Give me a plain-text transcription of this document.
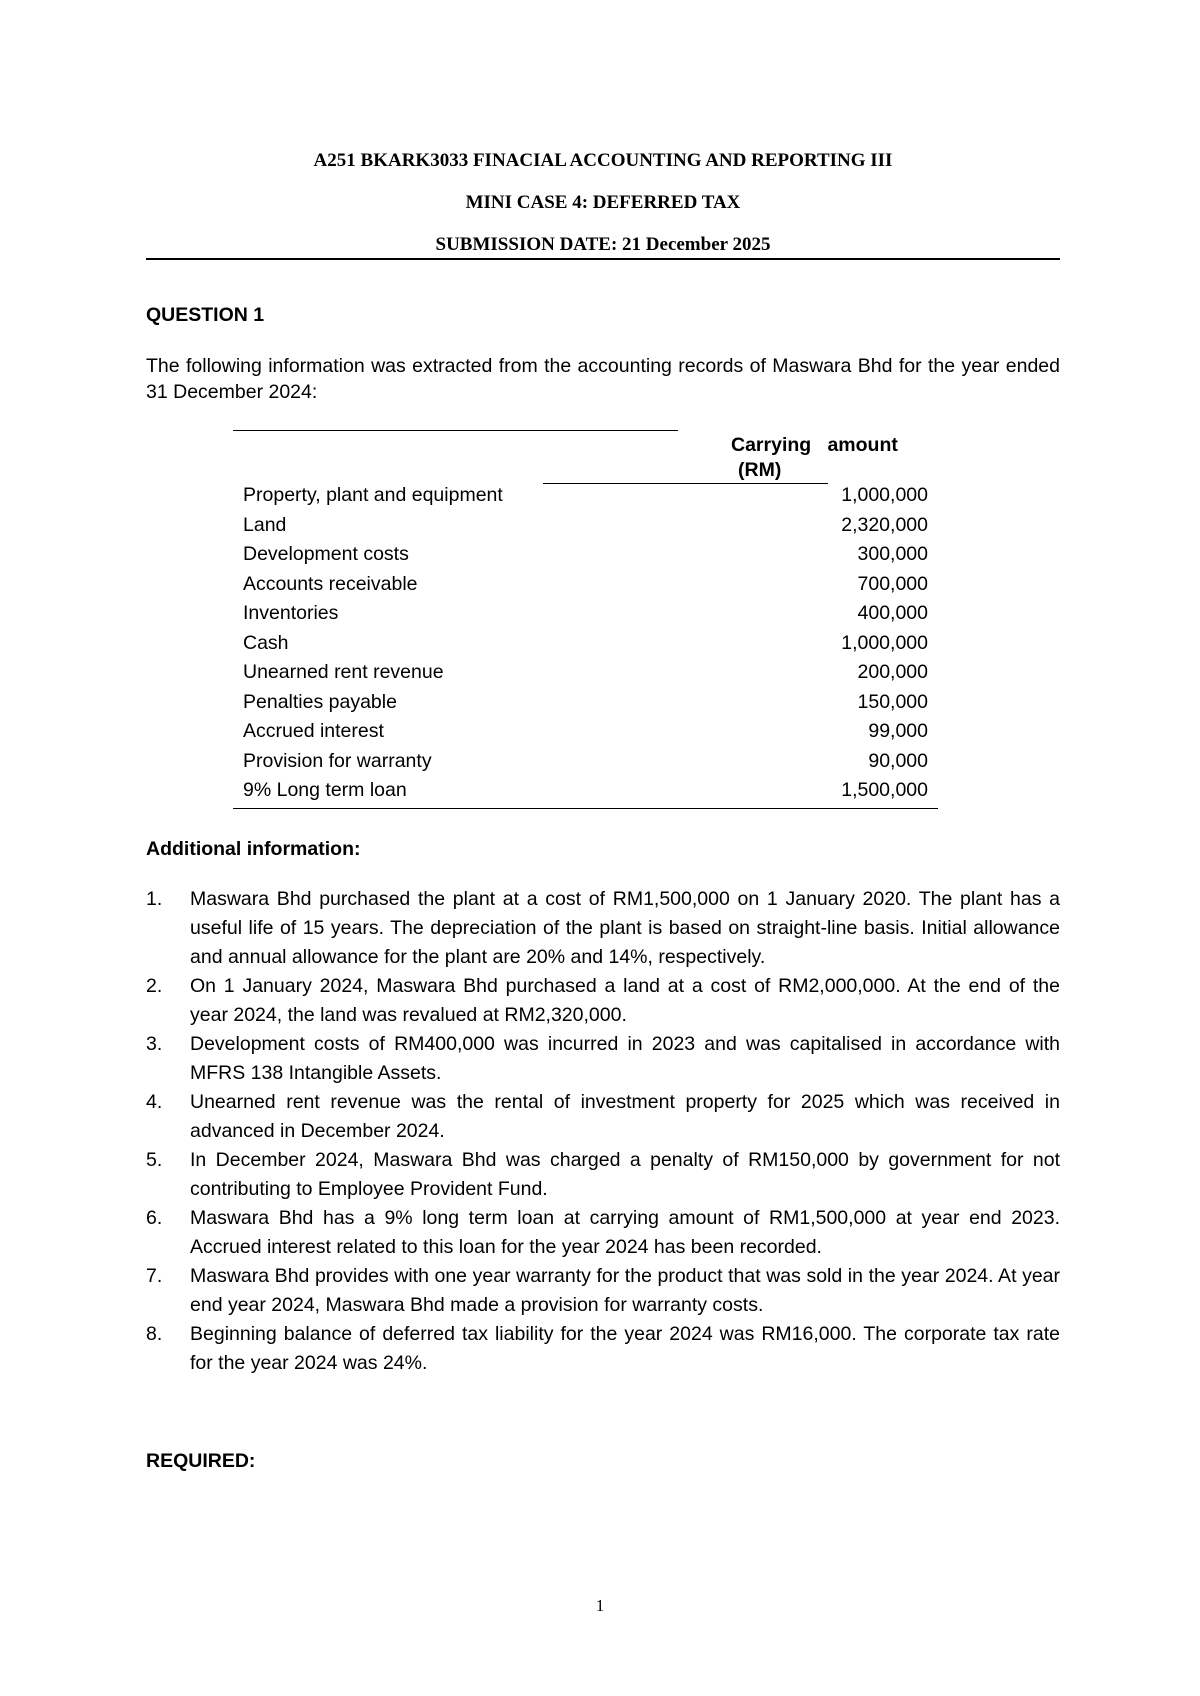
A251 BKARK3033 FINACIAL ACCOUNTING AND REPORTING III
MINI CASE 4: DEFERRED TAX
SUBMISSION DATE: 21 December 2025
QUESTION 1
The following information was extracted from the accounting records of Maswara Bhd for the year ended 31 December 2024:
Carrying   amount
(RM)
Property, plant and equipment	1,000,000
Land	2,320,000
Development costs	300,000
Accounts receivable	700,000
Inventories	400,000
Cash	1,000,000
Unearned rent revenue	200,000
Penalties payable	150,000
Accrued interest	99,000
Provision for warranty	90,000
9% Long term loan	1,500,000
Additional information:
1.	Maswara Bhd purchased the plant at a cost of RM1,500,000 on 1 January 2020. The plant has a useful life of 15 years. The depreciation of the plant is based on straight-line basis. Initial allowance and annual allowance for the plant are 20% and 14%, respectively.
2.	On 1 January 2024, Maswara Bhd purchased a land at a cost of RM2,000,000. At the end of the year 2024, the land was revalued at RM2,320,000.
3.	Development costs of RM400,000 was incurred in 2023 and was capitalised in accordance with MFRS 138 Intangible Assets.
4.	Unearned rent revenue was the rental of investment property for 2025 which was received in advanced in December 2024.
5.	In December 2024, Maswara Bhd was charged a penalty of RM150,000 by government for not contributing to Employee Provident Fund.
6.	Maswara Bhd has a 9% long term loan at carrying amount of RM1,500,000 at year end 2023. Accrued interest related to this loan for the year 2024 has been recorded.
7.	Maswara Bhd provides with one year warranty for the product that was sold in the year 2024. At year end year 2024, Maswara Bhd made a provision for warranty costs.
8.	Beginning balance of deferred tax liability for the year 2024 was RM16,000. The corporate tax rate for the year 2024 was 24%.
REQUIRED:
1
